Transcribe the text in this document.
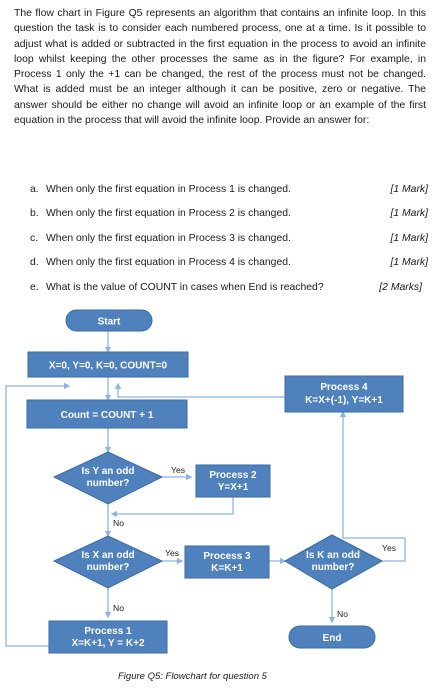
The flow chart in Figure Q5 represents an algorithm that contains an infinite loop. In this question the task is to consider each numbered process, one at a time. Is it possible to adjust what is added or subtracted in the first equation in the process to avoid an infinite loop whilst keeping the other processes the same as in the figure? For example, in Process 1 only the +1 can be changed, the rest of the process must not be changed. What is added must be an integer although it can be positive, zero or negative. The answer should be either no change will avoid an infinite loop or an example of the first equation in the process that will avoid the infinite loop. Provide an answer for:

a. When only the first equation in Process 1 is changed.	[1 Mark]
b. When only the first equation in Process 2 is changed.	[1 Mark]
c. When only the first equation in Process 3 is changed.	[1 Mark]
d. When only the first equation in Process 4 is changed.	[1 Mark]
e. What is the value of COUNT in cases when End is reached?	[2 Marks]
Yes
No
Yes
No
Yes
No
Start
X=0, Y=0, K=0, COUNT=0
Count = COUNT + 1
Is Y an odd
number?
Process 2
Y=X+1
Is X an odd
number?
Process 3
K=K+1
Is K an odd
number?
Process 4
K=X+(-1), Y=K+1
Process 1
X=K+1, Y = K+2	End

Figure Q5: Flowchart for question 5
